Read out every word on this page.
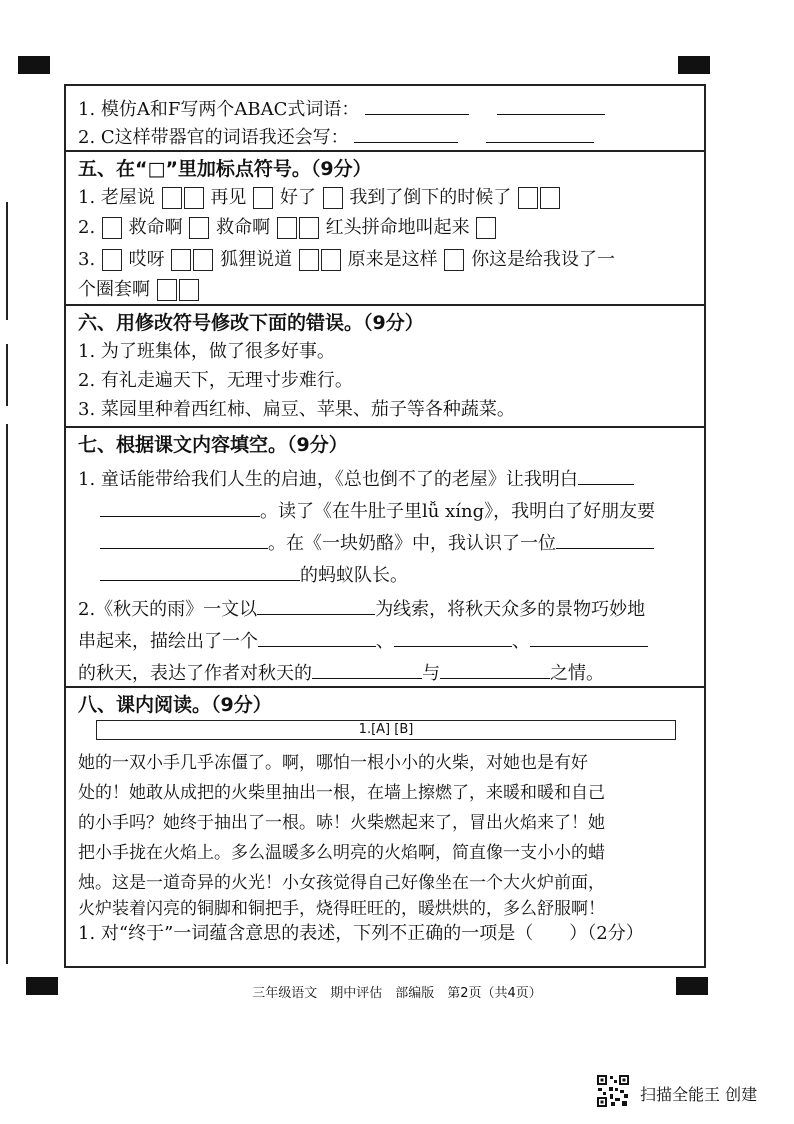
1. 模仿A和F写两个ABAC式词语：
2. C这样带器官的词语我还会写：
五、在“□”里加标点符号。（9分）
1. 老屋说	再见 好了 我到了倒下的时候了
2. 救命啊 救命啊	红头拼命地叫起来
3. 哎呀	狐狸说道	原来是这样 你这是给我设了一
个圈套啊
六、用修改符号修改下面的错误。（9分）
1. 为了班集体，做了很多好事。
2. 有礼走遍天下，无理寸步难行。
3. 菜园里种着西红柿、扁豆、苹果、茄子等各种蔬菜。
七、根据课文内容填空。（9分）
1. 童话能带给我们人生的启迪，《总也倒不了的老屋》让我明白
。读了《在牛肚子里lǚ xíng》，我明白了好朋友要
。在《一块奶酪》中，我认识了一位
的蚂蚁队长。
2.《秋天的雨》一文以	为线索，将秋天众多的景物巧妙地
串起来，描绘出了一个	、	、
的秋天，表达了作者对秋天的	与	之情。
八、课内阅读。（9分）
1.[A] [B]
她的一双小手几乎冻僵了。啊，哪怕一根小小的火柴，对她也是有好
处的！她敢从成把的火柴里抽出一根，在墙上擦燃了，来暖和暖和自己
的小手吗？她终于抽出了一根。哧！火柴燃起来了，冒出火焰来了！她
把小手拢在火焰上。多么温暖多么明亮的火焰啊，简直像一支小小的蜡
烛。这是一道奇异的火光！小女孩觉得自己好像坐在一个大火炉前面，
火炉装着闪亮的铜脚和铜把手，烧得旺旺的，暖烘烘的，多么舒服啊！
1. 对“终于”一词蕴含意思的表述，下列不正确的一项是（　　）（2分）
三年级语文　期中评估　部编版　第2页（共4页）
扫描全能王 创建
